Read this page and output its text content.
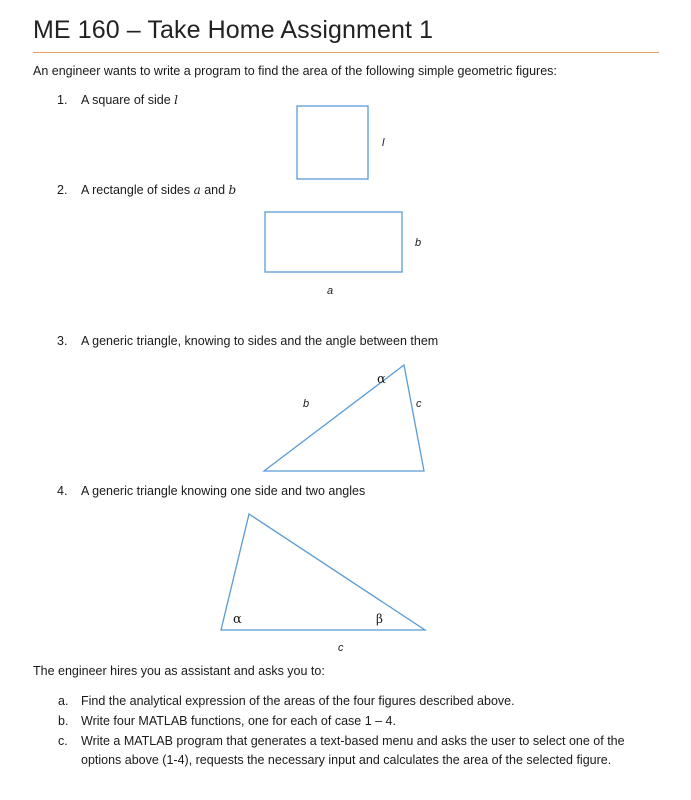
ME 160 – Take Home Assignment 1

An engineer wants to write a program to find the area of the following simple geometric figures:

1. A square of side l

2. A rectangle of sides a and b

3. A generic triangle, knowing to sides and the angle between them

4. A generic triangle knowing one side and two angles

l
a
b
α
b	c
α	β
c

The engineer hires you as assistant and asks you to:

a. Find the analytical expression of the areas of the four figures described above.

b. Write four MATLAB functions, one for each of case 1 – 4.

c. Write a MATLAB program that generates a text-based menu and asks the user to select one of the

options above (1-4), requests the necessary input and calculates the area of the selected figure.
